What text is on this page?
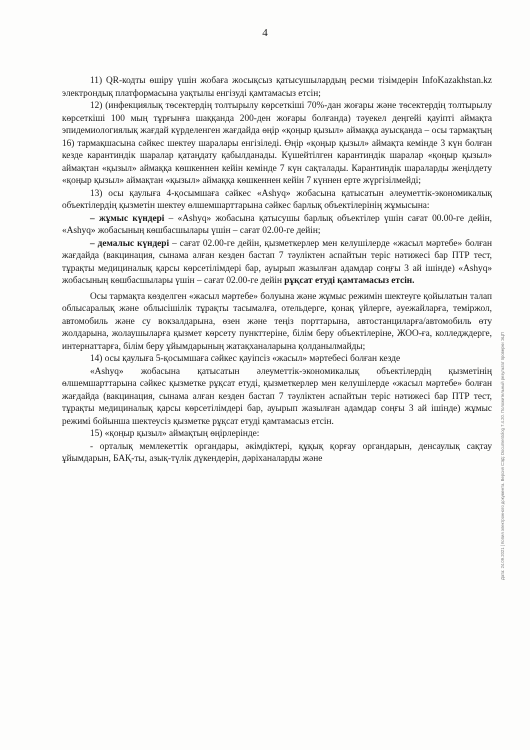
4

11) QR-кодты өшіру үшін жобаға жосықсыз қатысушылардың ресми тізімдерін InfoKazakhstan.kz электрондық платформасына уақтылы енгізуді қамтамасыз етсін;

12) (инфекциялық төсектердің толтырылу көрсеткіші 70%-дан жоғары және төсектердің толтырылу көрсеткіші 100 мың тұрғынға шаққанда 200-ден жоғары болғанда) тәуекел деңгейі қауіпті аймақта эпидемиологиялық жағдай күрделенген жағдайда өңір «қоңыр қызыл» аймаққа ауысқанда – осы тармақтың 16) тармақшасына сәйкес шектеу шаралары енгізіледі. Өңір «қоңыр қызыл» аймақта кемінде 3 күн болған кезде карантиндік шаралар қатаңдату қабылданады. Күшейтілген карантиндік шаралар «қоңыр қызыл» аймақтан «қызыл» аймаққа көшкеннен кейін кемінде 7 күн сақталады. Карантиндік шараларды жеңілдету «қоңыр қызыл» аймақтан «қызыл» аймаққа көшкеннен кейін 7 күннен ерте жүргізілмейді;

13) осы қаулыға 4-қосымшаға сәйкес «Ashyq» жобасына қатысатын әлеуметтік-экономикалық объектілердің қызметін шектеу өлшемшарттарына сәйкес барлық объектілерінің жұмысына:

– жұмыс күндері – «Ashyq» жобасына қатысушы барлық объектілер үшін сағат 00.00-ге дейін, «Ashyq» жобасының көшбасшылары үшін – сағат 02.00-ге дейін;

– демалыс күндері – сағат 02.00-ге дейін, қызметкерлер мен келушілерде «жасыл мәртебе» болған жағдайда (вакцинация, сынама алған кезден бастап 7 тәуліктен аспайтын теріс нәтижесі бар ПТР тест, тұрақты медициналық қарсы көрсетілімдері бар, ауырып жазылған адамдар соңғы 3 ай ішінде) «Ashyq» жобасының көшбасшылары үшін – сағат 02.00-ге дейін рұқсат етуді қамтамасыз етсін.

Осы тармақта көзделген «жасыл мәртебе» болуына және жұмыс режимін шектеуге қойылатын талап облысаралық және облысішілік тұрақты тасымалға, отельдерге, қонақ үйлерге, әуежайларға, теміржол, автомобиль және су вокзалдарына, өзен және теңіз порттарына, автостанциларға/автомобиль өту жолдарына, жолаушыларға қызмет көрсету пункттеріне, білім беру объектілеріне, ЖОО-ға, колледждерге, интернаттарға, білім беру ұйымдарының жатақханаларына қолданылмайды;

14) осы қаулыға 5-қосымшаға сәйкес қауіпсіз «жасыл» мәртебесі болған кезде

«Ashyq» жобасына қатысатын әлеуметтік-экономикалық объектілердің қызметінің өлшемшарттарына сәйкес қызметке рұқсат етуді, қызметкерлер мен келушілерде «жасыл мәртебе» болған жағдайда (вакцинация, сынама алған кезден бастап 7 тәуліктен аспайтын теріс нәтижесі бар ПТР тест, тұрақты медициналық қарсы көрсетілімдері бар, ауырып жазылған адамдар соңғы 3 ай ішінде) жұмыс режимі бойынша шектеусіз қызметке рұқсат етуді қамтамасыз етсін.

15) «қоңыр қызыл» аймақтың өңірлерінде:

- орталық мемлекеттік органдары, әкімдіктері, құқық қорғау органдарын, денсаулық сақтау ұйымдарын, БАҚ-ты, азық-түлік дүкендерін, дәріханаларды және	Дата: 24.09.2021 | Копия электронного документа. Версия СЭД: Documentolog 7.4.20. Положительный результат проверки ЭЦП
